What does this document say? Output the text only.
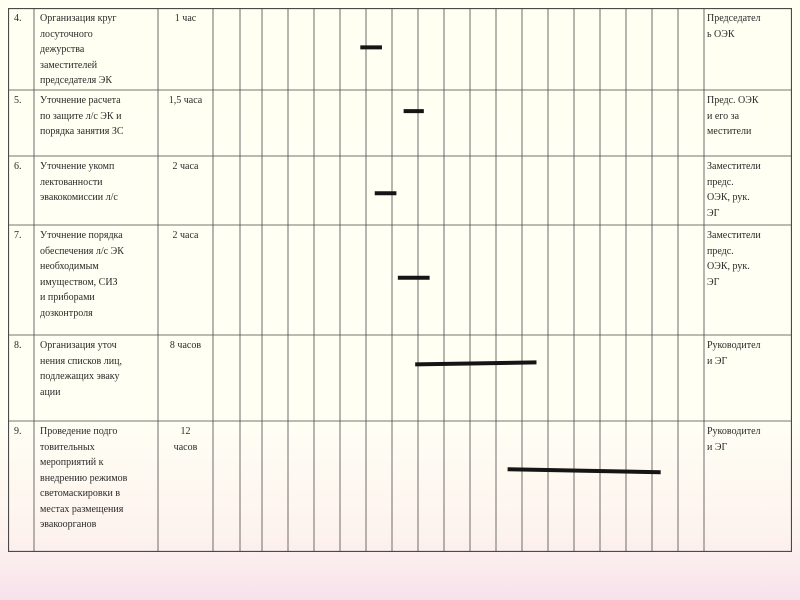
4. Организация круг
лосуточного
дежурства
заместителей
председателя ЭК
1 час	Председател
ь ОЭК
5. Уточнение расчета
по защите л/с ЭК и
порядка занятия ЗС
1,5 часа	Предс. ОЭК
и его за
местители
6. Уточнение укомп
лектованности
эвакокомиссии л/с
2 часа	Заместители
предс.
ОЭК, рук.
ЭГ
7. Уточнение порядка
обеспечения л/с ЭК
необходимым
имуществом, СИЗ
и приборами
дозконтроля
2 часа	Заместители
предс.
ОЭК, рук.
ЭГ
8. Организация уточ
нения списков лиц,
подлежащих эваку
ации
8 часов	Руководител
и ЭГ
9. Проведение подго
товительных
мероприятий к
внедрению режимов
светомаскировки в
местах размещения
эвакоорганов
12
часов
Руководител
и ЭГ
